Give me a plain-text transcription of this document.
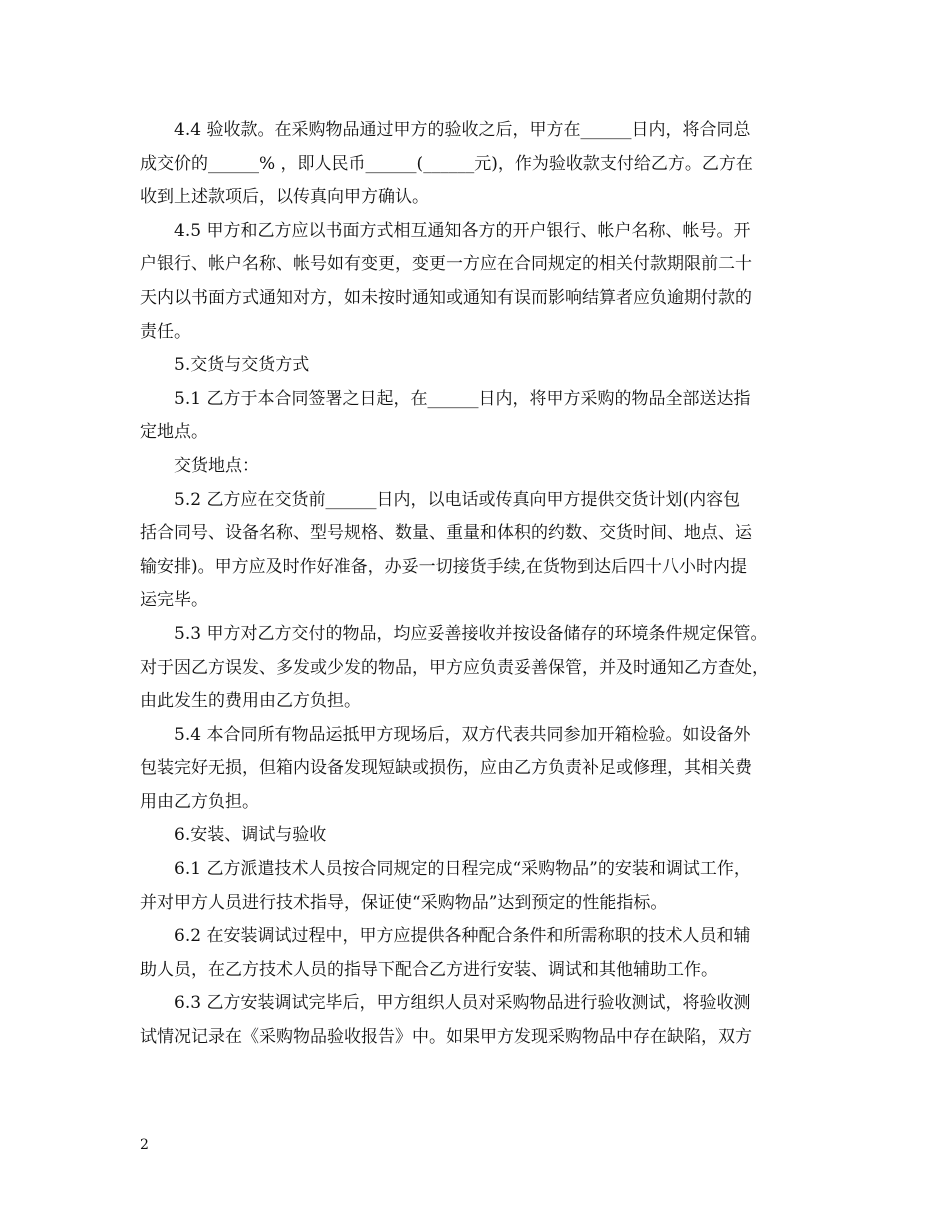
4.4 验收款。在采购物品通过甲方的验收之后，甲方在______日内，将合同总
成交价的______% ，即人民币______(______元)，作为验收款支付给乙方。乙方在
收到上述款项后，以传真向甲方确认。

4.5 甲方和乙方应以书面方式相互通知各方的开户银行、帐户名称、帐号。开
户银行、帐户名称、帐号如有变更，变更一方应在合同规定的相关付款期限前二十
天内以书面方式通知对方，如未按时通知或通知有误而影响结算者应负逾期付款的
责任。

5.交货与交货方式

5.1 乙方于本合同签署之日起，在______日内，将甲方采购的物品全部送达指
定地点。

交货地点：

5.2 乙方应在交货前______日内，以电话或传真向甲方提供交货计划(内容包
括合同号、设备名称、型号规格、数量、重量和体积的约数、交货时间、地点、运
输安排)。甲方应及时作好准备，办妥一切接货手续,在货物到达后四十八小时内提
运完毕。

5.3 甲方对乙方交付的物品，均应妥善接收并按设备储存的环境条件规定保管。
对于因乙方误发、多发或少发的物品，甲方应负责妥善保管，并及时通知乙方查处，
由此发生的费用由乙方负担。

5.4 本合同所有物品运抵甲方现场后，双方代表共同参加开箱检验。如设备外
包装完好无损，但箱内设备发现短缺或损伤，应由乙方负责补足或修理，其相关费
用由乙方负担。

6.安装、调试与验收

6.1 乙方派遣技术人员按合同规定的日程完成“采购物品”的安装和调试工作，
并对甲方人员进行技术指导，保证使“采购物品”达到预定的性能指标。

6.2 在安装调试过程中，甲方应提供各种配合条件和所需称职的技术人员和辅
助人员，在乙方技术人员的指导下配合乙方进行安装、调试和其他辅助工作。

6.3 乙方安装调试完毕后，甲方组织人员对采购物品进行验收测试，将验收测
试情况记录在《采购物品验收报告》中。如果甲方发现采购物品中存在缺陷，双方

2
